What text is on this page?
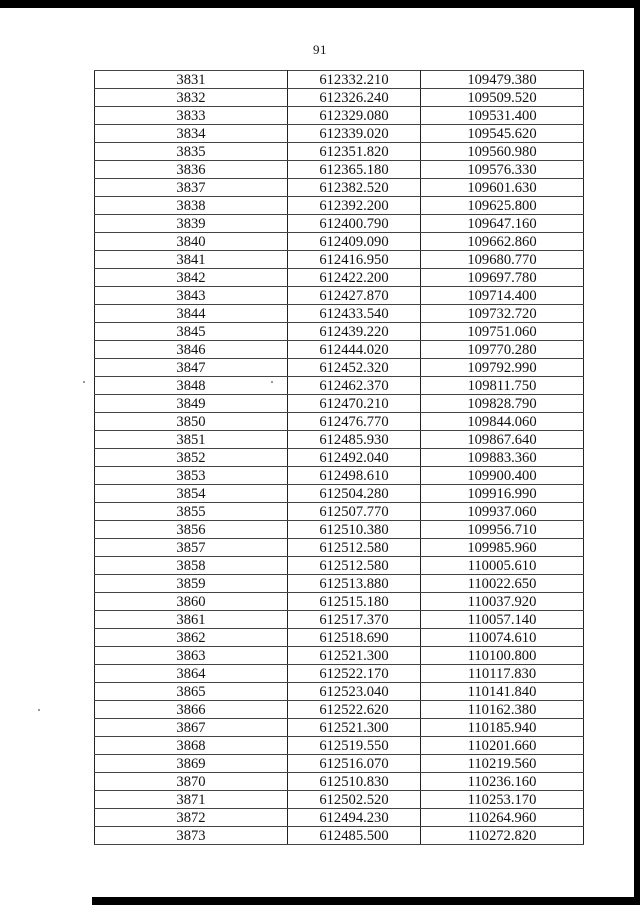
91
3831	612332.210	109479.380
3832	612326.240	109509.520
3833	612329.080	109531.400
3834	612339.020	109545.620
3835	612351.820	109560.980
3836	612365.180	109576.330
3837	612382.520	109601.630
3838	612392.200	109625.800
3839	612400.790	109647.160
3840	612409.090	109662.860
3841	612416.950	109680.770
3842	612422.200	109697.780
3843	612427.870	109714.400
3844	612433.540	109732.720
3845	612439.220	109751.060
3846	612444.020	109770.280
3847	612452.320	109792.990
3848	612462.370	109811.750
3849	612470.210	109828.790
3850	612476.770	109844.060
3851	612485.930	109867.640
3852	612492.040	109883.360
3853	612498.610	109900.400
3854	612504.280	109916.990
3855	612507.770	109937.060
3856	612510.380	109956.710
3857	612512.580	109985.960
3858	612512.580	110005.610
3859	612513.880	110022.650
3860	612515.180	110037.920
3861	612517.370	110057.140
3862	612518.690	110074.610
3863	612521.300	110100.800
3864	612522.170	110117.830
3865	612523.040	110141.840
3866	612522.620	110162.380
3867	612521.300	110185.940
3868	612519.550	110201.660
3869	612516.070	110219.560
3870	612510.830	110236.160
3871	612502.520	110253.170
3872	612494.230	110264.960
3873	612485.500	110272.820
